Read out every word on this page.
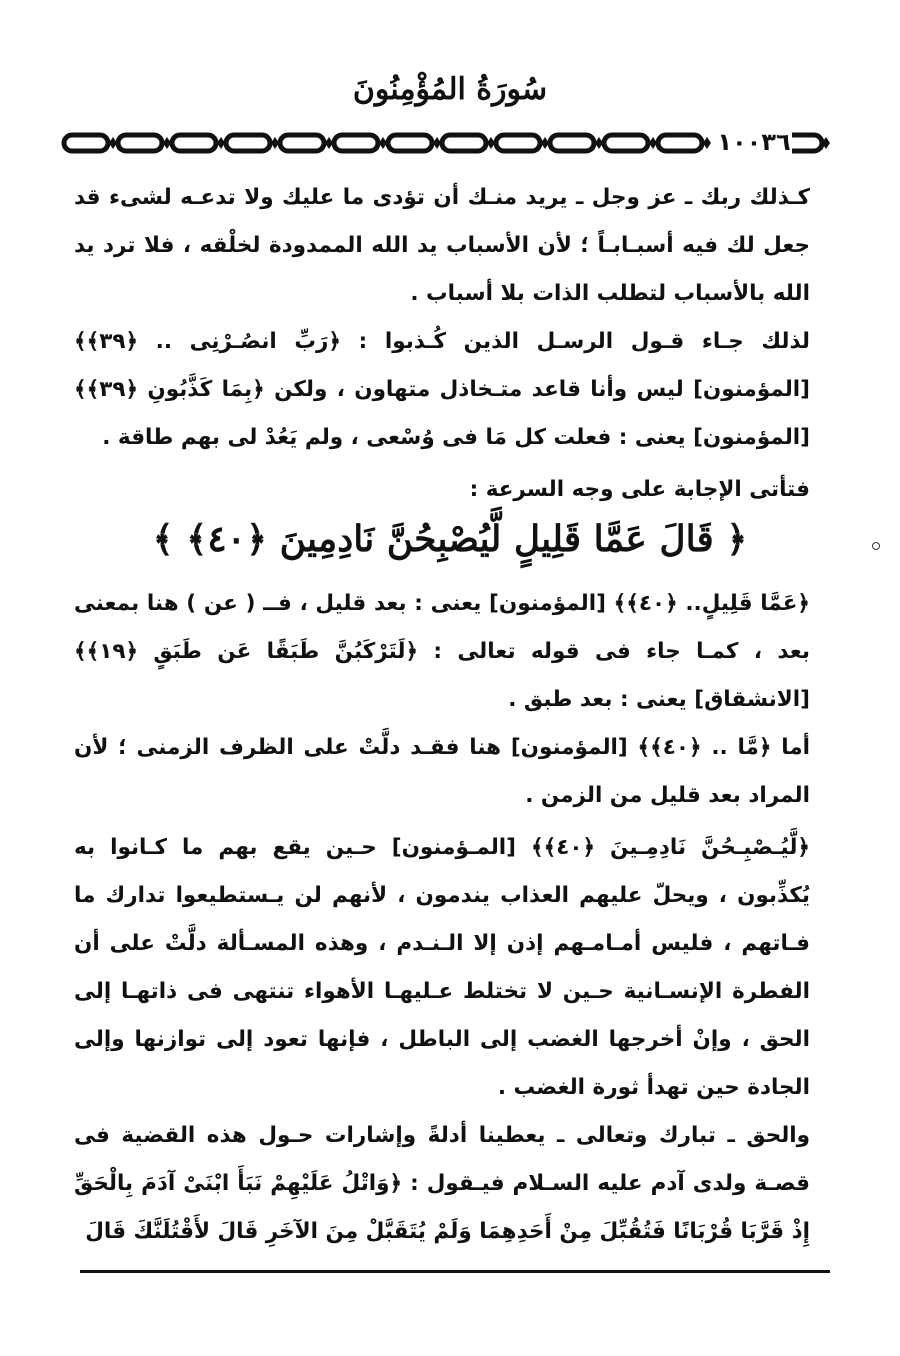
سُورَةُ المُؤْمِنُونَ
١٠٠٣٦

كـذلك ربك ـ عز وجل ـ يريد منـك أن تؤدى ما عليك ولا تدعـه لشىء قد جعل لك فيه أسبـابـاً ؛ لأن الأسباب يد الله الممدودة لخلْقه ، فلا ترد يد الله بالأسباب لتطلب الذات بلا أسباب .

لذلك جـاء قـول الرسـل الذين كُـذبوا : ﴿رَبِّ انصُـرْنِى .. ﴿٣٩﴾﴾ [المؤمنون] ليس وأنا قاعد متـخاذل متهاون ، ولكن ﴿بِمَا كَذَّبُونِ ﴿٣٩﴾﴾ [المؤمنون] يعنى : فعلت كل مَا فى وُسْعى ، ولم يَعُدْ لى بهم طاقة .

فتأتى الإجابة على وجه السرعة :

﴿ قَالَ عَمَّا قَلِيلٍ لَّيُصْبِحُنَّ نَادِمِينَ ﴿٤٠﴾ ﴾

﴿عَمَّا قَلِيلٍ.. ﴿٤٠﴾﴾ [المؤمنون] يعنى : بعد قليل ، فــ ( عن ) هنا بمعنى بعد ، كمـا جاء فى قوله تعالى : ﴿لَتَرْكَبُنَّ طَبَقًا عَن طَبَقٍ ﴿١٩﴾﴾ [الانشقاق] يعنى : بعد طبق .

أما ﴿مَّا .. ﴿٤٠﴾﴾ [المؤمنون] هنا فقـد دلَّتْ على الظرف الزمنى ؛ لأن المراد بعد قليل من الزمن .

﴿لَّيُـصْبِـحُنَّ نَادِمِـينَ ﴿٤٠﴾﴾ [المـؤمنون] حـين يقع بهم ما كـانوا به يُكذِّبون ، ويحلّ عليهم العذاب يندمون ، لأنهم لن يـستطيعوا تدارك ما فـاتهم ، فليس أمـامـهم إذن إلا الـنـدم ، وهذه المسـألة دلَّتْ على أن الفطرة الإنسـانية حـين لا تختلط عـليهـا الأهواء تنتهى فى ذاتهـا إلى الحق ، وإنْ أخرجها الغضب إلى الباطل ، فإنها تعود إلى توازنها وإلى الجادة حين تهدأ ثورة الغضب .

والحق ـ تبارك وتعالى ـ يعطينا أدلةً وإشارات حـول هذه القضية فى قصـة ولدى آدم عليه السـلام فيـقول : ﴿وَاتْلُ عَلَيْهِمْ نَبَأَ ابْنَىْ آدَمَ بِالْحَقِّ إِذْ قَرَّبَا قُرْبَانًا فَتُقُبِّلَ مِنْ أَحَدِهِمَا وَلَمْ يُتَقَبَّلْ مِنَ الآخَرِ قَالَ لأَقْتُلَنَّكَ قَالَ
